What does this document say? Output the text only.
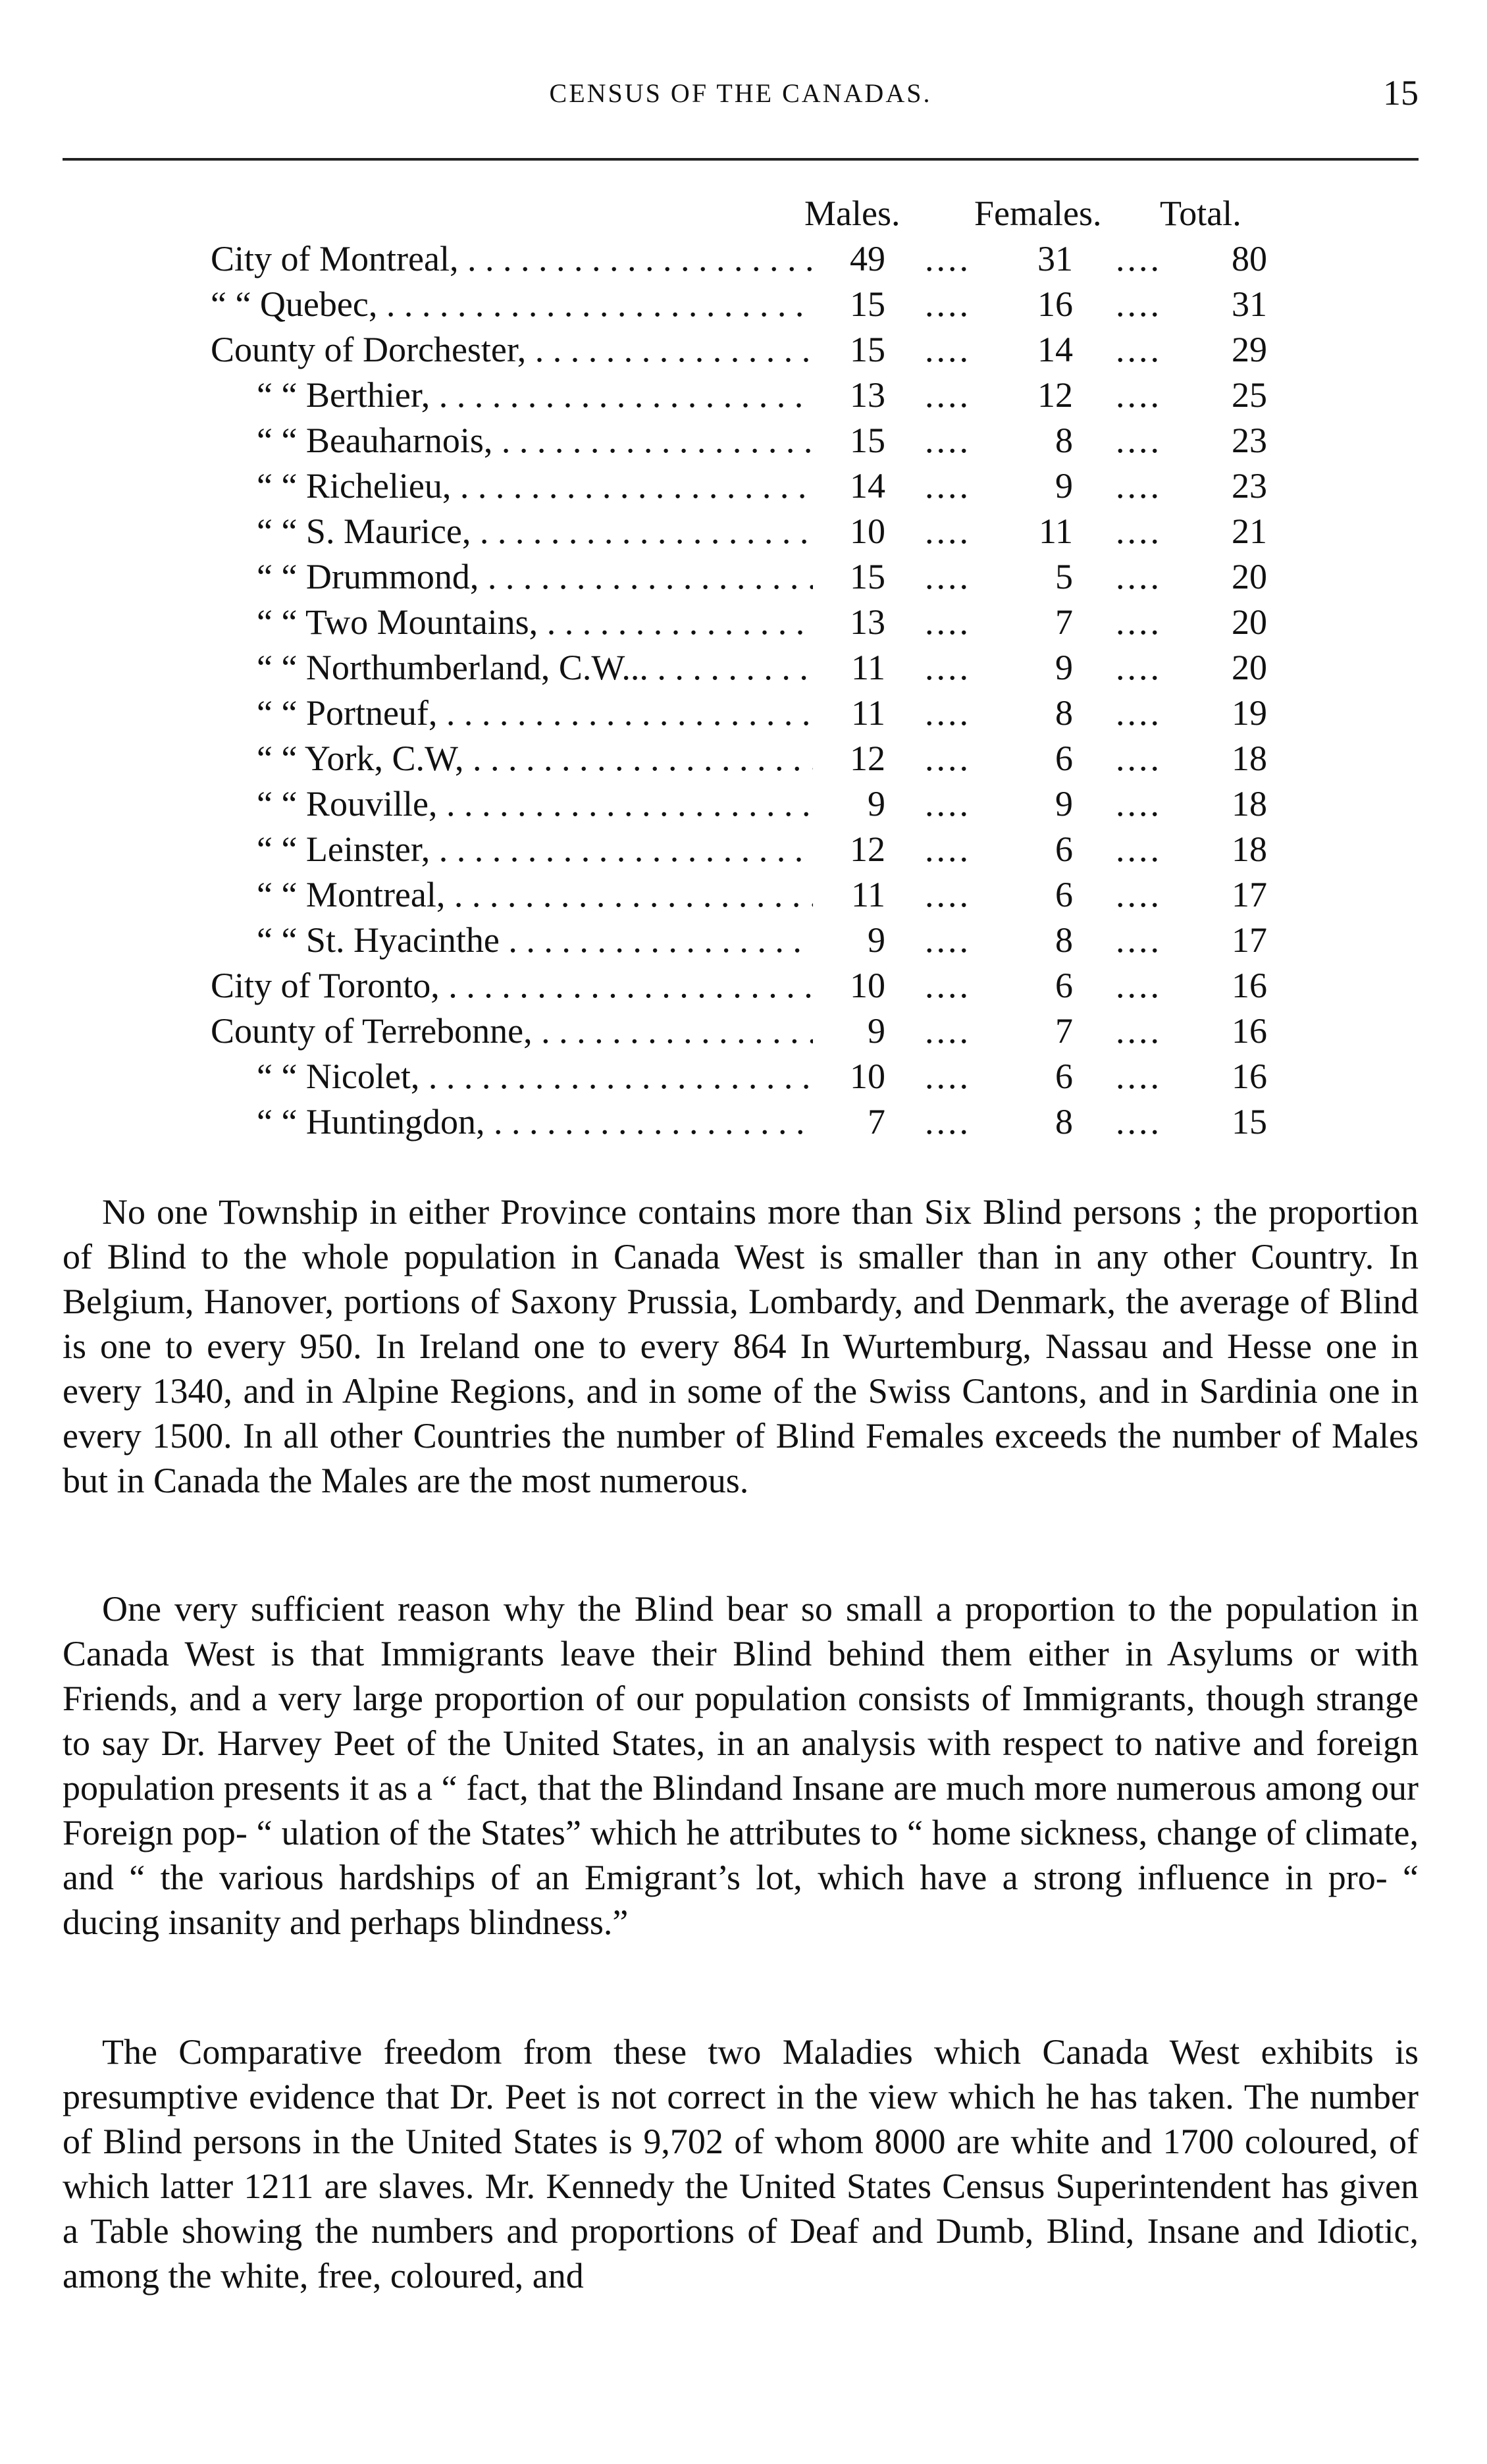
CENSUS OF THE CANADAS.	15
Males. Females. Total.
City of Montreal, . . .	49	....	31	....	80
“ “ Quebec, . . .	15	....	16	....	31
County of Dorchester, . . .	15	....	14	....	29
“ “ Berthier, . . .	13	....	12	....	25
“ “ Beauharnois, . . .	15	....	8	....	23
“ “ Richelieu, . . .	14	....	9	....	23
“ “ S. Maurice, . . .	10	....	11	....	21
“ “ Drummond, . . .	15	....	5	....	20
“ “ Two Mountains, . . .	13	....	7	....	20
“ “ Northumberland, C.W... . . .	11	....	9	....	20
“ “ Portneuf, . . .	11	....	8	....	19
“ “ York, C.W, . . .	12	....	6	....	18
“ “ Rouville, . . .	9	....	9	....	18
“ “ Leinster, . . .	12	....	6	....	18
“ “ Montreal, . . .	11	....	6	....	17
“ “ St. Hyacinthe . . .	9	....	8	....	17
City of Toronto, . . .	10	....	6	....	16
County of Terrebonne, . . .	9	....	7	....	16
“ “ Nicolet, . . .	10	....	6	....	16
“ “ Huntingdon, . . .	7	....	8	....	15

No one Township in either Province contains more than Six Blind persons ; the proportion of Blind to the whole population in Canada West is smaller than in any other Country. In Belgium, Hanover, portions of Saxony Prussia, Lombardy, and Denmark, the average of Blind is one to every 950. In Ireland one to every 864 In Wurtemburg, Nassau and Hesse one in every 1340, and in Alpine Regions, and in some of the Swiss Cantons, and in Sardinia one in every 1500. In all other Countries the number of Blind Females exceeds the number of Males but in Canada the Males are the most numerous.

One very sufficient reason why the Blind bear so small a proportion to the population in Canada West is that Immigrants leave their Blind behind them either in Asylums or with Friends, and a very large proportion of our population consists of Immigrants, though strange to say Dr. Harvey Peet of the United States, in an analysis with respect to native and foreign population presents it as a “ fact, that the Blindand Insane are much more numerous among our Foreign pop- “ ulation of the States” which he attributes to “ home sickness, change of climate, and “ the various hardships of an Emigrant’s lot, which have a strong influence in pro- “ ducing insanity and perhaps blindness.”

The Comparative freedom from these two Maladies which Canada West exhibits is presumptive evidence that Dr. Peet is not correct in the view which he has taken. The number of Blind persons in the United States is 9,702 of whom 8000 are white and 1700 coloured, of which latter 1211 are slaves. Mr. Kennedy the United States Census Superintendent has given a Table showing the numbers and proportions of Deaf and Dumb, Blind, Insane and Idiotic, among the white, free, coloured, and
